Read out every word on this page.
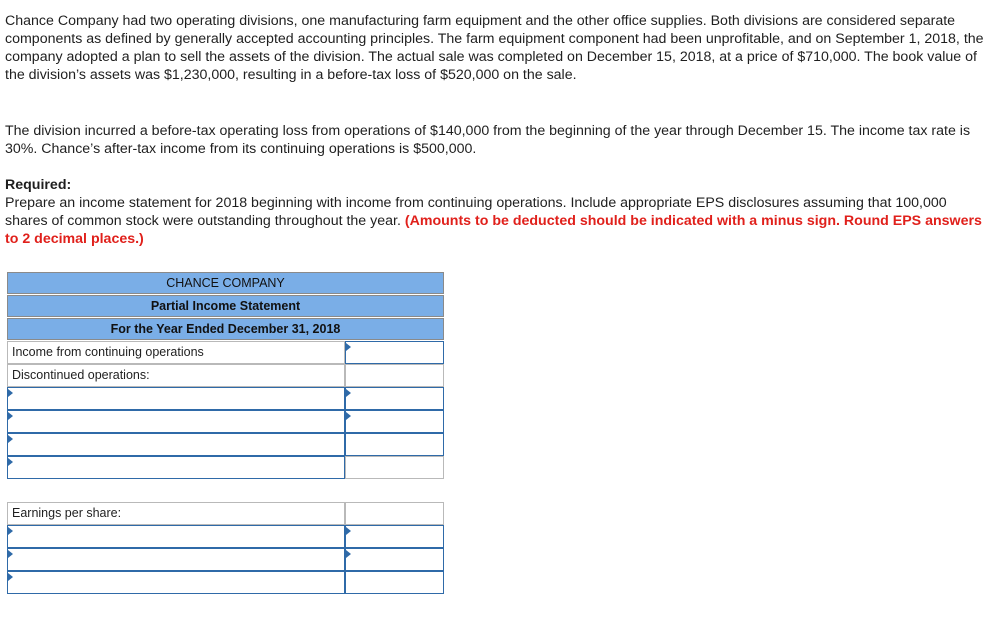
Chance Company had two operating divisions, one manufacturing farm equipment and the other office supplies. Both divisions are considered separate components as defined by generally accepted accounting principles. The farm equipment component had been unprofitable, and on September 1, 2018, the company adopted a plan to sell the assets of the division. The actual sale was completed on December 15, 2018, at a price of $710,000. The book value of the division’s assets was $1,230,000, resulting in a before-tax loss of $520,000 on the sale.

The division incurred a before-tax operating loss from operations of $140,000 from the beginning of the year through December 15. The income tax rate is 30%. Chance’s after-tax income from its continuing operations is $500,000.

Required:

Prepare an income statement for 2018 beginning with income from continuing operations. Include appropriate EPS disclosures assuming that 100,000 shares of common stock were outstanding throughout the year. (Amounts to be deducted should be indicated with a minus sign. Round EPS answers to 2 decimal places.)

CHANCE COMPANY
Partial Income Statement
For the Year Ended December 31, 2018
Income from continuing operations
Discontinued operations:
Earnings per share:
